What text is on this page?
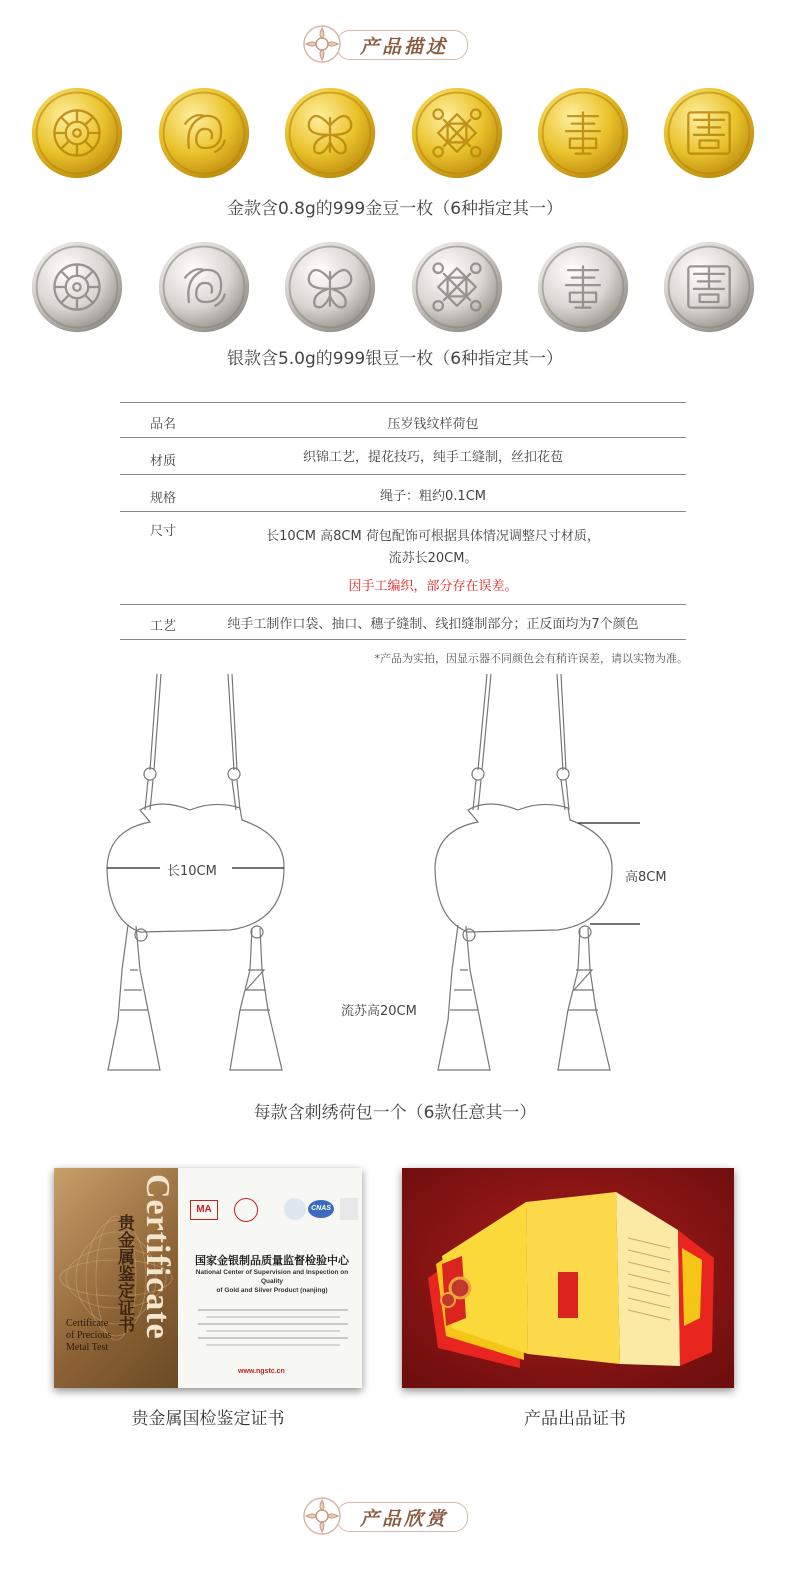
产品描述
金款含0.8g的999金豆一枚（6种指定其一）
银款含5.0g的999银豆一枚（6种指定其一）
品名	压岁钱纹样荷包
材质	织锦工艺，提花技巧，纯手工缝制，丝扣花苞
规格	绳子：粗约0.1CM
尺寸	长10CM 高8CM 荷包配饰可根据具体情况调整尺寸材质，
流苏长20CM。
因手工编织，部分存在误差。
工艺	纯手工制作口袋、抽口、穗子缝制、线扣缝制部分；正反面均为7个颜色
*产品为实拍，因显示器不同颜色会有稍许误差，请以实物为准。
长10CM	高8CM
流苏高20CM
每款含刺绣荷包一个（6款任意其一）
Certificate
贵金属鉴定证书
Certificate
of Precious
Metal Test
MA	CNAS
国家金银制品质量监督检验中心
National Center of Supervision and Inspection on Quality
of Gold and Silver Product (nanjing)
www.ngstc.cn
贵金属国检鉴定证书	产品出品证书
产品欣赏
